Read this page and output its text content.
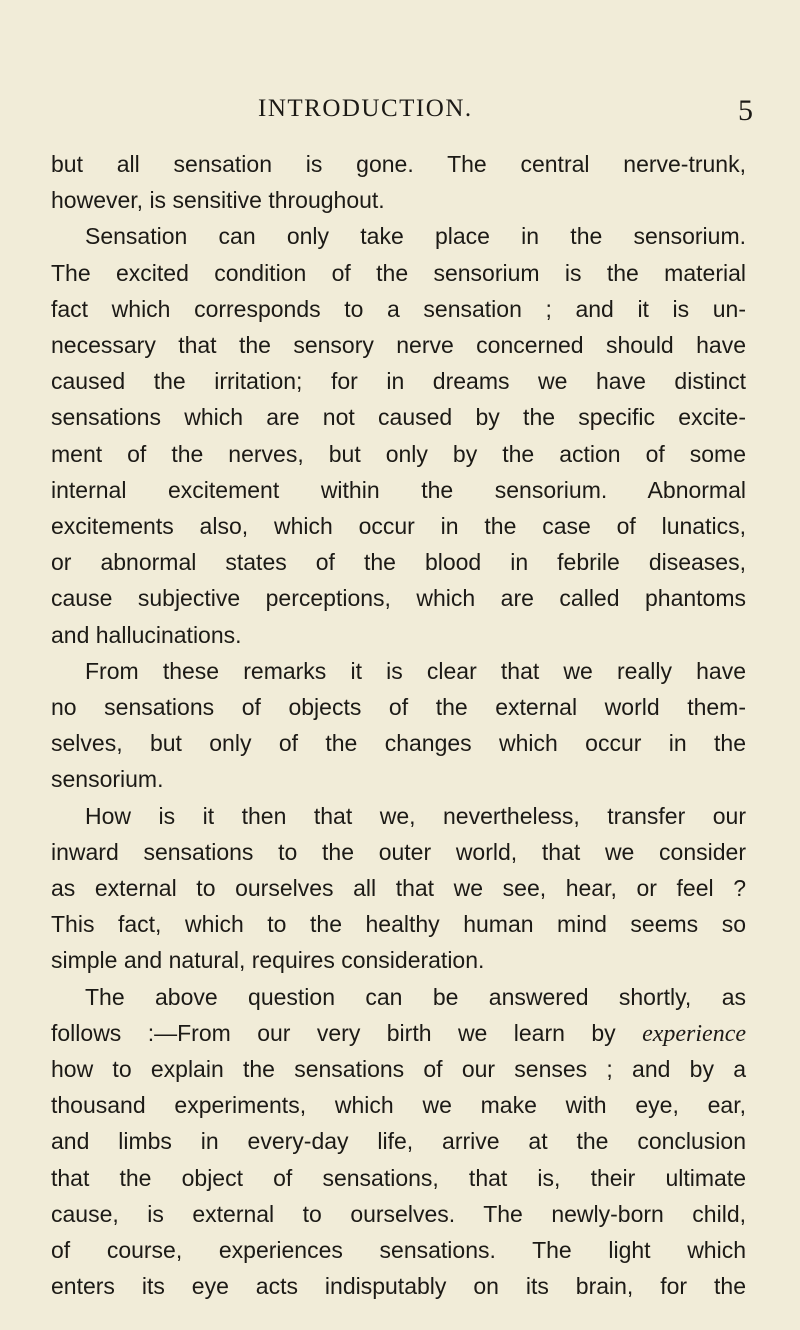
INTRODUCTION.	5
but all sensation is gone. The central nerve-trunk,
however, is sensitive throughout.
Sensation can only take place in the sensorium.
The excited condition of the sensorium is the material
fact which corresponds to a sensation ; and it is un-
necessary that the sensory nerve concerned should have
caused the irritation; for in dreams we have distinct
sensations which are not caused by the specific excite-
ment of the nerves, but only by the action of some
internal excitement within the sensorium. Abnormal
excitements also, which occur in the case of lunatics,
or abnormal states of the blood in febrile diseases,
cause subjective perceptions, which are called phantoms
and hallucinations.
From these remarks it is clear that we really have
no sensations of objects of the external world them-
selves, but only of the changes which occur in the
sensorium.
How is it then that we, nevertheless, transfer our
inward sensations to the outer world, that we consider
as external to ourselves all that we see, hear, or feel ?
This fact, which to the healthy human mind seems so
simple and natural, requires consideration.
The above question can be answered shortly, as
follows :—From our very birth we learn by experience
how to explain the sensations of our senses ; and by a
thousand experiments, which we make with eye, ear,
and limbs in every-day life, arrive at the conclusion
that the object of sensations, that is, their ultimate
cause, is external to ourselves. The newly-born child,
of course, experiences sensations. The light which
enters its eye acts indisputably on its brain, for the
